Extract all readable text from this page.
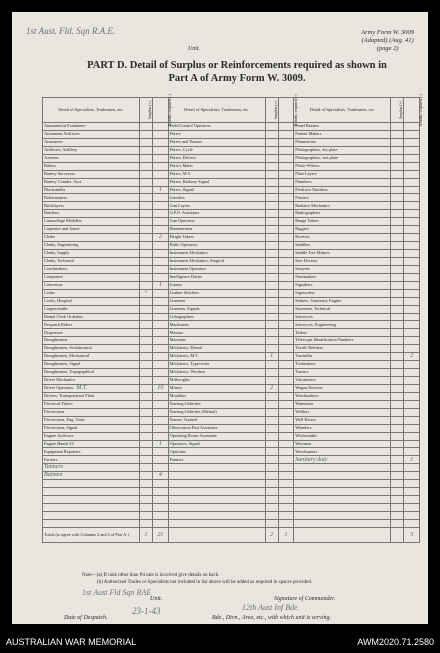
1st Aust. Fld. Sqn R.A.E.
Unit.
Army Form W. 3009
(Adapted) (Aug. 41)
(page 2)
PART D. Detail of Surplus or Reinforcements required as shown in
Part A of Army Form W. 3009.
Detail of Specialists, Tradesmen, etc.	Surplus (+)	Reinfts. required (-)	Detail of Specialists, Tradesmen, etc.	Surplus (+)	Reinfts. required (-)	Detail of Specialists, Tradesmen, etc.	Surplus (+)	Reinfts. required (-)
Ammunition Examiners			Field Control Operators			Panel Beaters		
Armament Artificers			Fitters			Pattern Makers		
Armourers			Fitters and Turners			Pharmacists		
Artificers, Artillery			Fitters, Cycle			Photographers, dry plate		
Axemen			Fitters, Drivers			Photographers, wet plate		
Bakers			Fitter's Mates			Photo-Writers		
Battery Surveyors			Fitters, M.V.			Plate Layers		
Battery Comdrs. Asst.			Fitters, Railway Signal			Plumbers		
Blacksmiths		1	Fitters, Signal			Predictor Numbers		
Boilermakers			Grinders			Printers		
Bricklayers			Gun Layers			Radiator Mechanics		
Butchers			G.P.O. Assistants			Radiographers		
Camouflage Modeller			Gun Operators			Range Takers		
Carpenter and Joiner			Hammermen			Riggers		
Clerks		2	Height Takers			Riveters		
Clerks, Engineering			Hollo Operators			Saddlers		
Clerks, Supply			Instrument Mechanics			Saddle Tree Makers		
Clerks, Technical			Instrument Mechanics, Surgical			Saw Doctors		
Coachmakers			Instrument Operators			Sawyers		
Computers			Intelligence Duties			Shoemakers		
Concretors		1	Joiners			Signallers		
Cooks	+		Leather Stitchers			Signwriters		
Cooks, Hospital			Linemen			Stokers, Stationary Engine		
Coppersmiths			Linemen, Signals			Storemen, Technical		
Dental Clerk Orderlies			Lithographers			Surveyors		
Despatch Riders			Machinists			Surveyors, Engineering		
Dispensers			Masons			Tailors		
Draughtsmen			Masseurs			Telescope Identification Numbers		
Draughtsmen, Architectural			Mechanics, Dental			Textile Refitters		
Draughtsmen, Mechanical			Mechanics, M.T.	1		Tinsmiths		2
Draughtsmen, Signal			Mechanics, Typewriter			Toolmakers		
Draughtsmen, Topographical			Mechanics, Wireless			Turners		
Driver Mechanics			Millwrights			Vulcanizers		
Driver Operators M.T.		10	Miners	2		Wagon Erectors		
Drivers, Transportation Plant			Moulders			Watchmakers		
Electrical Fitters			Nursing Orderlies			Watermen		
Electricians			Nursing Orderlies (Mental)			Welders		
Electricians, Eng. Units			Nurses, Trained			Well Borers		
Electricians, Signal			Observation Post Assistants			Wheelers		
Engine Artificers			Operating Room Assistants			Whitesmiths		
Engine Hands I/C		1	Operators, Signal			Wiremen		
Equipment Repairers			Opticians			Woodturners		
Farriers			Painters			Sanitary duty		1
Tanners								
Batmen		4						

Totals (to agree with Columns 2 and 4 of Part A.)	1	21		2	1			3
Note—(a) If rank other than Private is involved give details on back.
(b) Authorized Trades or Specialists not included in list above will be added as required in spaces provided.
1st Aust Fld Sqn RAE
Unit.	Signature of Commander.
23-1-43	12th Aust Inf Bde
Date of Despatch.	Bde., Divn., Area, etc., with which unit is serving.
AUSTRALIAN WAR MEMORIAL	AWM2020.71.2580
